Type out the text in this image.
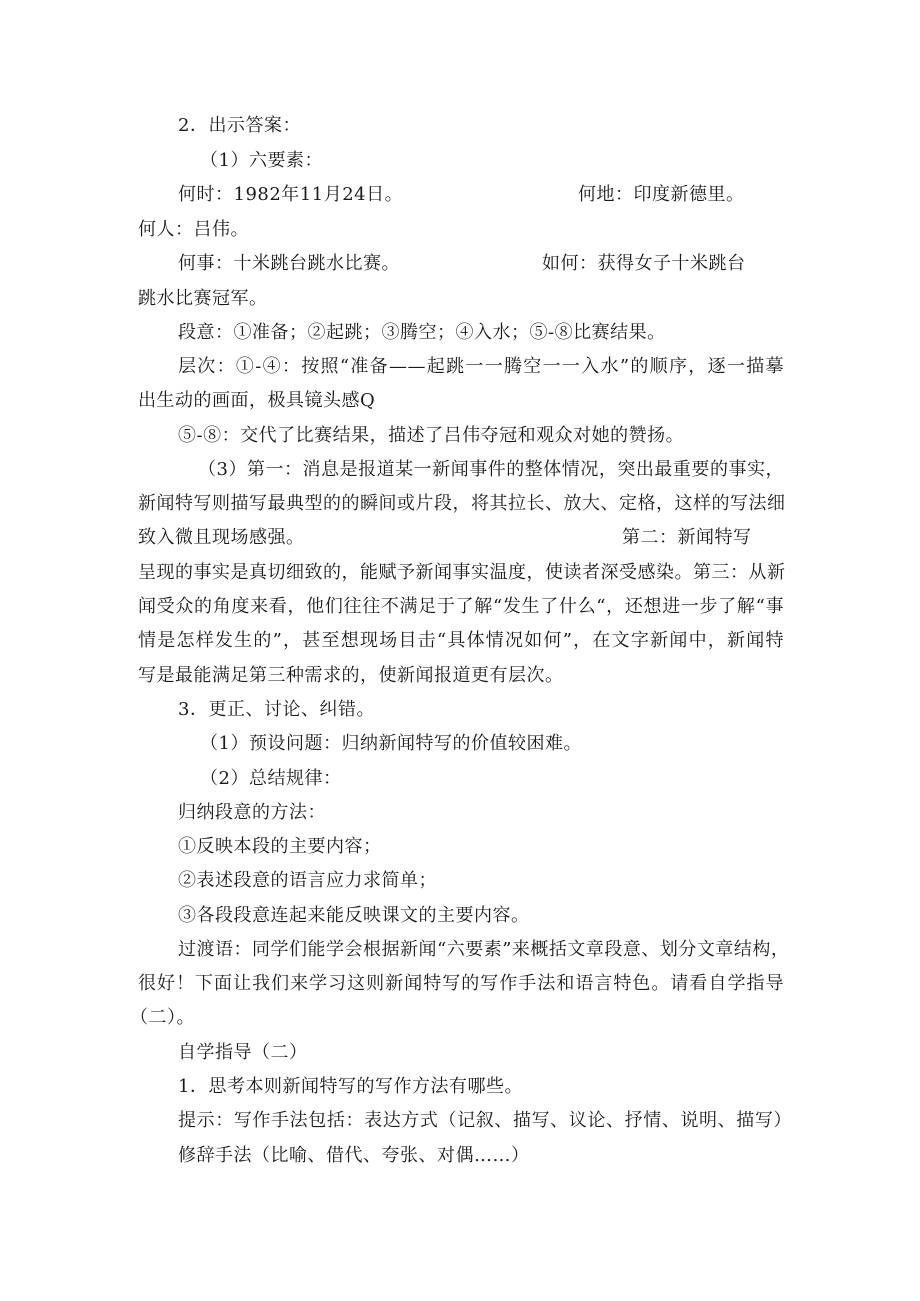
2．出示答案：
（1）六要素：
何时：1982年11月24日。	何地：印度新德里。
何人：吕伟。
何事：十米跳台跳水比赛。	如何：获得女子十米跳台
跳水比赛冠军。
段意：①准备；②起跳；③腾空；④入水；⑤-⑧比赛结果。
层次：①-④：按照“准备——起跳一一腾空一一入水”的顺序，逐一描摹
出生动的画面，极具镜头感Q
⑤-⑧：交代了比赛结果，描述了吕伟夺冠和观众对她的赞扬。
（3）第一：消息是报道某一新闻事件的整体情况，突出最重要的事实，
新闻特写则描写最典型的的瞬间或片段，将其拉长、放大、定格，这样的写法细
致入微且现场感强。	第二：新闻特写
呈现的事实是真切细致的，能赋予新闻事实温度，使读者深受感染。第三：从新
闻受众的角度来看，他们往往不满足于了解“发生了什么“，还想进一步了解“事
情是怎样发生的”，甚至想现场目击“具体情况如何”，在文字新闻中，新闻特
写是最能满足第三种需求的，使新闻报道更有层次。
3．更正、讨论、纠错。
（1）预设问题：归纳新闻特写的价值较困难。
（2）总结规律：
归纳段意的方法：
①反映本段的主要内容；
②表述段意的语言应力求简单；
③各段段意连起来能反映课文的主要内容。
过渡语：同学们能学会根据新闻“六要素”来概括文章段意、划分文章结构，
很好！下面让我们来学习这则新闻特写的写作手法和语言特色。请看自学指导
（二）。
自学指导（二）
1．思考本则新闻特写的写作方法有哪些。
提示：写作手法包括：表达方式（记叙、描写、议论、抒情、说明、描写）
修辞手法（比喻、借代、夸张、对偶……）
